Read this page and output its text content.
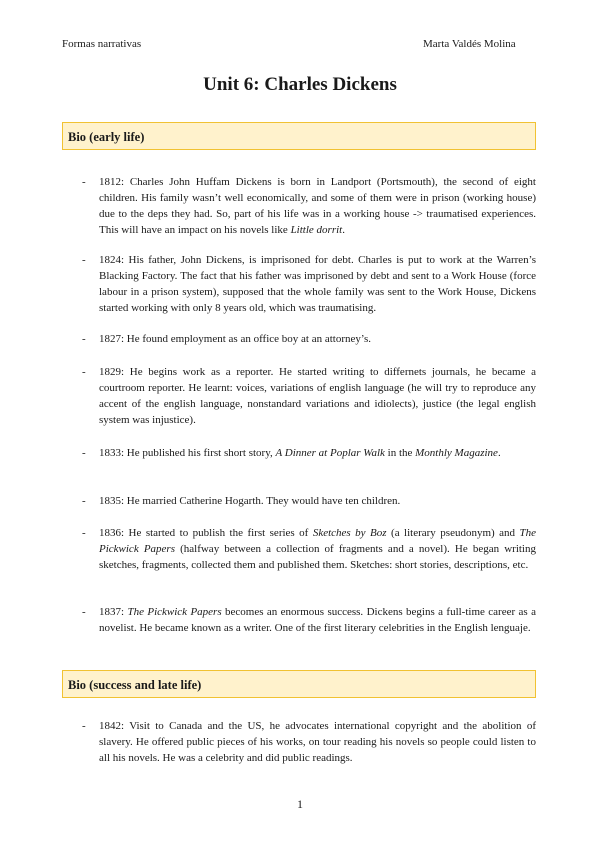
Formas narrativas	Marta Valdés Molina
Unit 6: Charles Dickens
Bio (early life)
- 1812: Charles John Huffam Dickens is born in Landport (Portsmouth), the second of eight children. His family wasn’t well economically, and some of them were in prison (working house) due to the deps they had. So, part of his life was in a working house -> traumatised experiences. This will have an impact on his novels like Little dorrit.
- 1824: His father, John Dickens, is imprisoned for debt. Charles is put to work at the Warren’s Blacking Factory. The fact that his father was imprisoned by debt and sent to a Work House (force labour in a prison system), supposed that the whole family was sent to the Work House, Dickens started working with only 8 years old, which was traumatising.
- 1827: He found employment as an office boy at an attorney’s.
- 1829: He begins work as a reporter. He started writing to differnets journals, he became a courtroom reporter. He learnt: voices, variations of english language (he will try to reproduce any accent of the english language, nonstandard variations and idiolects), justice (the legal english system was injustice).
- 1833: He published his first short story, A Dinner at Poplar Walk in the Monthly Magazine.
- 1835: He married Catherine Hogarth. They would have ten children.
- 1836: He started to publish the first series of Sketches by Boz (a literary pseudonym) and The Pickwick Papers (halfway between a collection of fragments and a novel). He began writing sketches, fragments, collected them and published them. Sketches: short stories, descriptions, etc.
- 1837: The Pickwick Papers becomes an enormous success. Dickens begins a full-time career as a novelist. He became known as a writer. One of the first literary celebrities in the English lenguaje.
Bio (success and late life)
- 1842: Visit to Canada and the US, he advocates international copyright and the abolition of slavery. He offered public pieces of his works, on tour reading his novels so people could listen to all his novels. He was a celebrity and did public readings.
1
